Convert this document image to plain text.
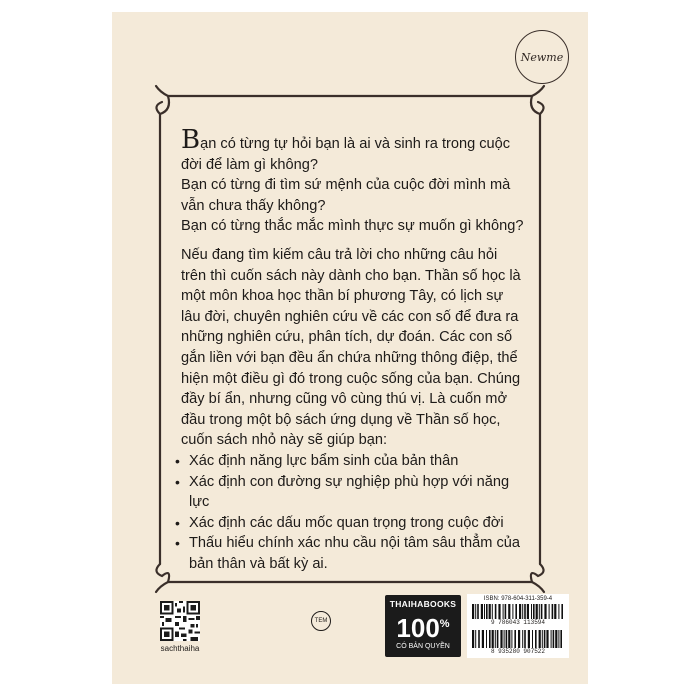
Newme

Bạn có từng tự hỏi bạn là ai và sinh ra trong cuộc đời để làm gì không?

Bạn có từng đi tìm sứ mệnh của cuộc đời mình mà vẫn chưa thấy không?

Bạn có từng thắc mắc mình thực sự muốn gì không?

Nếu đang tìm kiếm câu trả lời cho những câu hỏi trên thì cuốn sách này dành cho bạn. Thần số học là một môn khoa học thần bí phương Tây, có lịch sự lâu đời, chuyên nghiên cứu về các con số để đưa ra những nghiên cứu, phân tích, dự đoán. Các con số gắn liền với bạn đều ẩn chứa những thông điệp, thể hiện một điều gì đó trong cuộc sống của bạn. Chúng đầy bí ẩn, nhưng cũng vô cùng thú vị. Là cuốn mở đầu trong một bộ sách ứng dụng về Thần số học, cuốn sách nhỏ này sẽ giúp bạn:

• Xác định năng lực bẩm sinh của bản thân
• Xác định con đường sự nghiệp phù hợp với năng lực
• Xác định các dấu mốc quan trọng trong cuộc đời
• Thấu hiểu chính xác nhu cầu nội tâm sâu thẳm của bản thân và bất kỳ ai.
sachthaiha
TEM
THAIHABOOKS
100%
CÓ BẢN QUYỀN
ISBN: 978-604-311-359-4
9 786043 113594
8 935280 907522
